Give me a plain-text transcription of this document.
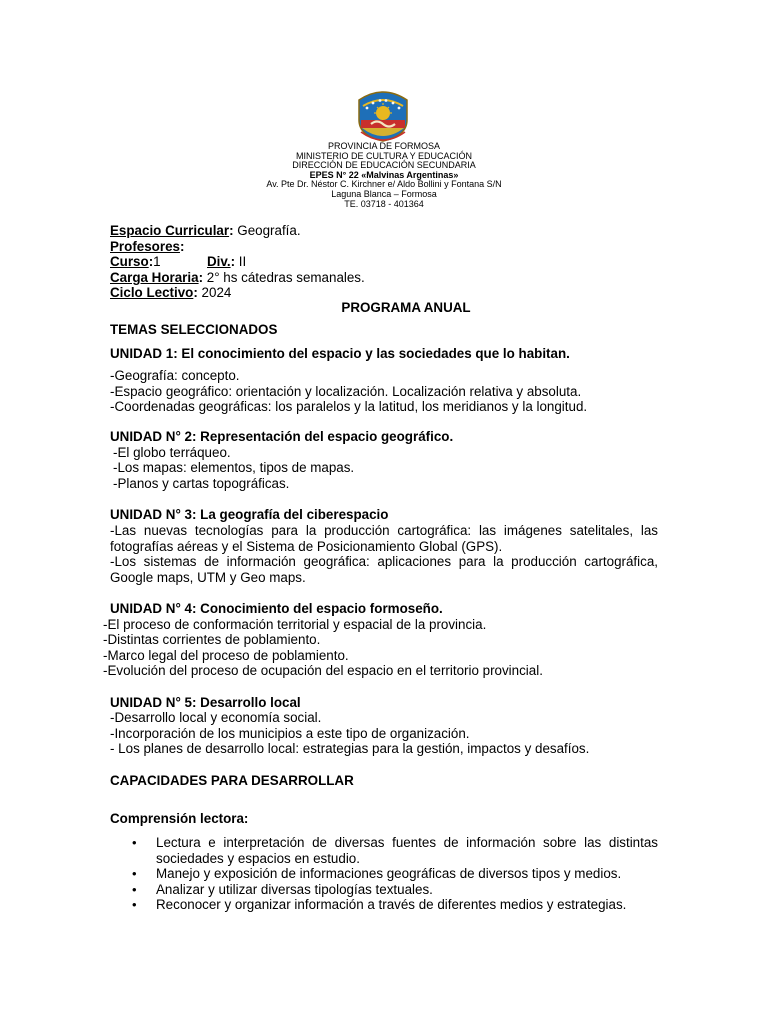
PROVINCIA DE FORMOSA
MINISTERIO DE CULTURA Y EDUCACIÓN
DIRECCIÓN DE EDUCACIÓN SECUNDARIA
EPES N° 22 «Malvinas Argentinas»
Av. Pte Dr. Néstor C. Kirchner e/ Aldo Bollini y Fontana S/N
Laguna Blanca – Formosa
TE. 03718 - 401364
Espacio Curricular: Geografía.
Profesores:
Curso:1	Div.: II
Carga Horaria: 2° hs cátedras semanales.
Ciclo Lectivo: 2024
PROGRAMA ANUAL
TEMAS SELECCIONADOS
UNIDAD 1: El conocimiento del espacio y las sociedades que lo habitan.
-Geografía: concepto.
-Espacio geográfico: orientación y localización. Localización relativa y absoluta.
-Coordenadas geográficas: los paralelos y la latitud, los meridianos y la longitud.
UNIDAD N° 2: Representación del espacio geográfico.
-El globo terráqueo.
-Los mapas: elementos, tipos de mapas.
-Planos y cartas topográficas.
UNIDAD N° 3: La geografía del ciberespacio
-Las nuevas tecnologías para la producción cartográfica: las imágenes satelitales, las fotografías aéreas y el Sistema de Posicionamiento Global (GPS).
-Los sistemas de información geográfica: aplicaciones para la producción cartográfica, Google maps, UTM y Geo maps.
UNIDAD N° 4: Conocimiento del espacio formoseño.
-El proceso de conformación territorial y espacial de la provincia.
-Distintas corrientes de poblamiento.
-Marco legal del proceso de poblamiento.
-Evolución del proceso de ocupación del espacio en el territorio provincial.
UNIDAD N° 5: Desarrollo local
-Desarrollo local y economía social.
-Incorporación de los municipios a este tipo de organización.
- Los planes de desarrollo local: estrategias para la gestión, impactos y desafíos.
CAPACIDADES PARA DESARROLLAR
Comprensión lectora:
• Lectura e interpretación de diversas fuentes de información sobre las distintas sociedades y espacios en estudio.
• Manejo y exposición de informaciones geográficas de diversos tipos y medios.
• Analizar y utilizar diversas tipologías textuales.
• Reconocer y organizar información a través de diferentes medios y estrategias.
